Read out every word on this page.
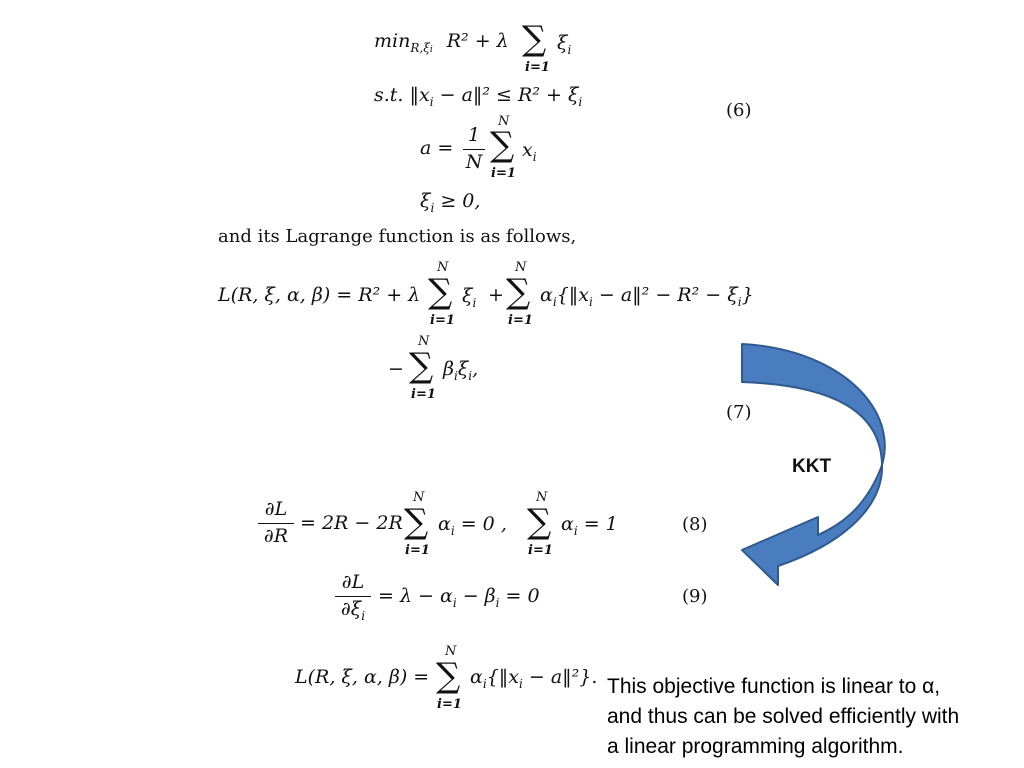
$\min_{R,\xi i} R^2 + \lambda$ ∑
i=1
$\xi_i$
s.t. $‖x_i$ − a‖² ≤ $R^2 + \xi_i$
a =
1
N
N
∑
i=1
$x_i$
$\xi_i \ge 0$,
(6)
and its Lagrange function is as follows,
L(R, ξ, α, β) = R² + λ
N
∑
i=1
$\xi_i$ +
N
∑
i=1
$\alpha_i\{‖x_i$ − a‖² − $R^2 - \xi_i$}
−
N
∑
i=1
$\beta_i\xi_i$,
(7)
∂L
∂R
= 2R − 2R
N
∑
i=1
$\alpha_i = 0$ ,
N
∑
i=1
$\alpha_i = 1$	(8)
∂L
$\partial\xi_i$
= $\lambda - \alpha_i - \beta_i = 0$	(9)
L(R, ξ, α, β) =
N
∑
i=1
$\alpha_i\{‖x_i$ − a‖²}.
KKT
This objective function is linear to α,
and thus can be solved efficiently with
a linear programming algorithm.
